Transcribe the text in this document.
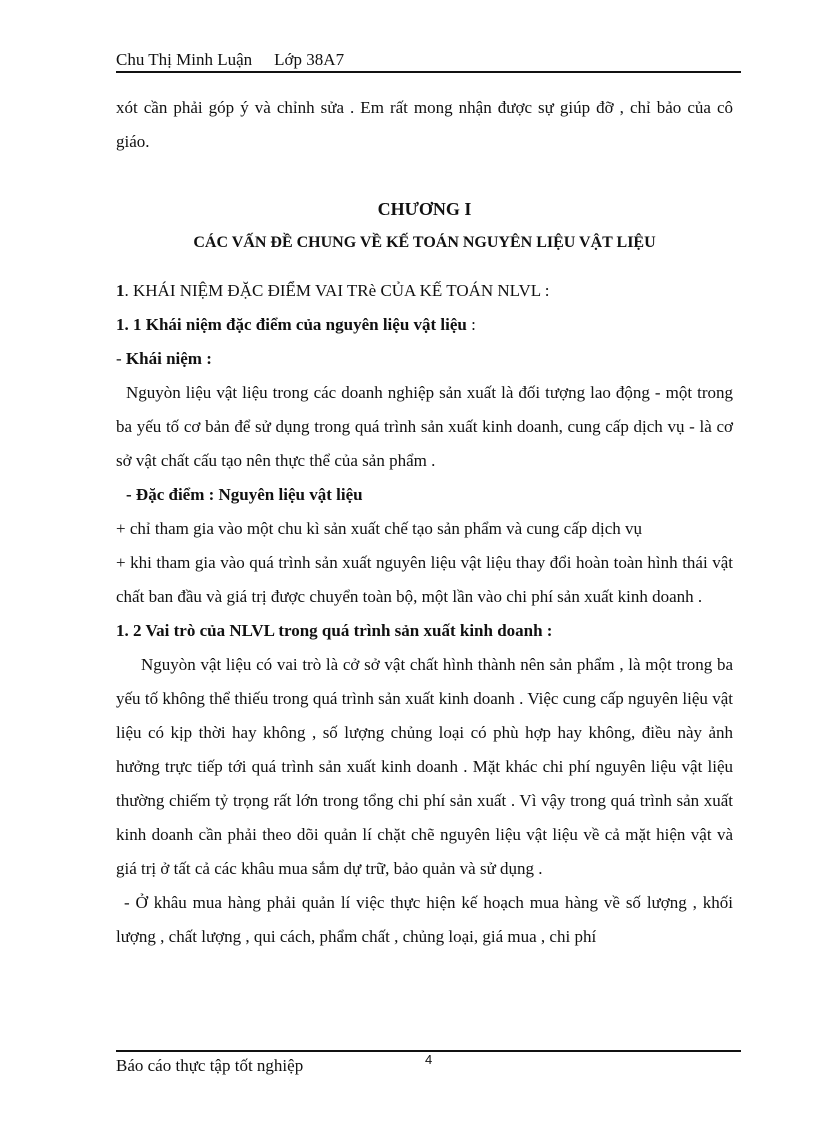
Chu Thị Minh Luận Lớp 38A7

xót cần phải góp ý và chỉnh sửa . Em rất mong nhận được sự giúp đỡ , chỉ bảo của cô giáo.

CHƯƠNG I

CÁC VẤN ĐỀ CHUNG VỀ KẾ TOÁN NGUYÊN LIỆU VẬT LIỆU

1. KHÁI NIỆM ĐẶC ĐIỂM VAI TRè CỦA KẾ TOÁN NLVL :

1. 1 Khái niệm đặc điểm của nguyên liệu vật liệu :

- Khái niệm :

Nguyòn liệu vật liệu trong các doanh nghiệp sản xuất là đối tượng lao động - một trong ba yếu tố cơ bản để sử dụng trong quá trình sản xuất kinh doanh, cung cấp dịch vụ - là cơ sở vật chất cấu tạo nên thực thể của sản phẩm .

- Đặc điểm : Nguyên liệu vật liệu

+ chỉ tham gia vào một chu kì sản xuất chế tạo sản phẩm và cung cấp dịch vụ

+ khi tham gia vào quá trình sản xuất nguyên liệu vật liệu thay đổi hoàn toàn hình thái vật chất ban đầu và giá trị được chuyển toàn bộ, một lần vào chi phí sản xuất kinh doanh .

1. 2 Vai trò của NLVL trong quá trình sản xuất kinh doanh :

Nguyòn vật liệu có vai trò là cở sở vật chất hình thành nên sản phẩm , là một trong ba yếu tố không thể thiếu trong quá trình sản xuất kinh doanh . Việc cung cấp nguyên liệu vật liệu có kịp thời hay không , số lượng chủng loại có phù hợp hay không, điều này ảnh hưởng trực tiếp tới quá trình sản xuất kinh doanh . Mặt khác chi phí nguyên liệu vật liệu thường chiếm tỷ trọng rất lớn trong tổng chi phí sản xuất . Vì vậy trong quá trình sản xuất kinh doanh cần phải theo dõi quản lí chặt chẽ nguyên liệu vật liệu về cả mặt hiện vật và giá trị ở tất cả các khâu mua sắm dự trữ, bảo quản và sử dụng .

- Ở khâu mua hàng phải quản lí việc thực hiện kế hoạch mua hàng về số lượng , khối lượng , chất lượng , qui cách, phẩm chất , chủng loại, giá mua , chi phí

Báo cáo thực tập tốt nghiệp	4
